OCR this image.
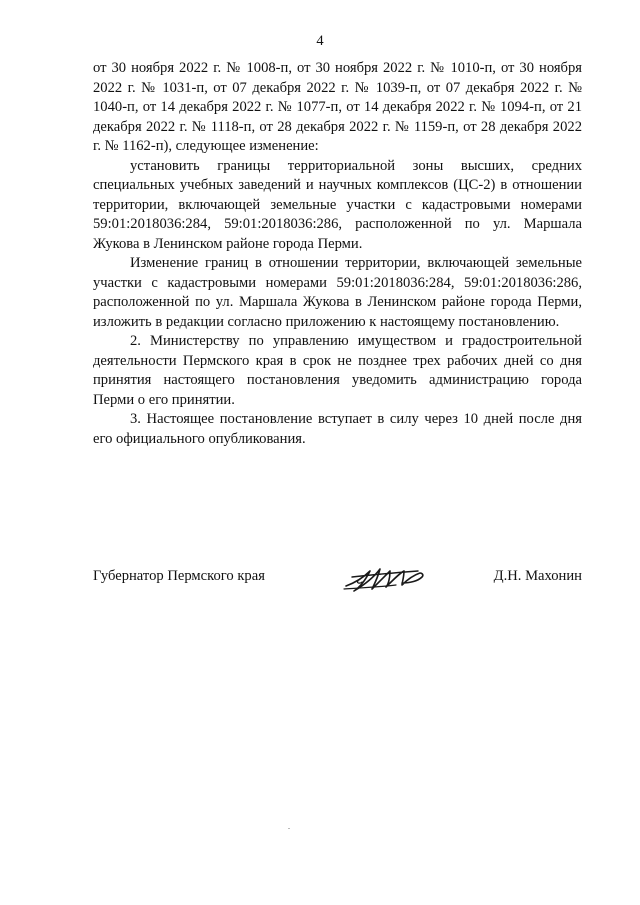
4

от 30 ноября 2022 г. № 1008-п, от 30 ноября 2022 г. № 1010-п, от 30 ноября 2022 г. № 1031-п, от 07 декабря 2022 г. № 1039-п, от 07 декабря 2022 г. № 1040-п, от 14 декабря 2022 г. № 1077-п, от 14 декабря 2022 г. № 1094-п, от 21 декабря 2022 г. № 1118-п, от 28 декабря 2022 г. № 1159-п, от 28 декабря 2022 г. № 1162-п), следующее изменение:

установить границы территориальной зоны высших, средних специальных учебных заведений и научных комплексов (ЦС-2) в отношении территории, включающей земельные участки с кадастровыми номерами 59:01:2018036:284, 59:01:2018036:286, расположенной по ул. Маршала Жукова в Ленинском районе города Перми.

Изменение границ в отношении территории, включающей земельные участки с кадастровыми номерами 59:01:2018036:284, 59:01:2018036:286, расположенной по ул. Маршала Жукова в Ленинском районе города Перми, изложить в редакции согласно приложению к настоящему постановлению.

2. Министерству по управлению имуществом и градостроительной деятельности Пермского края в срок не позднее трех рабочих дней со дня принятия настоящего постановления уведомить администрацию города Перми о его принятии.

3. Настоящее постановление вступает в силу через 10 дней после дня его официального опубликования.

Губернатор Пермского края	Д.Н. Махонин
